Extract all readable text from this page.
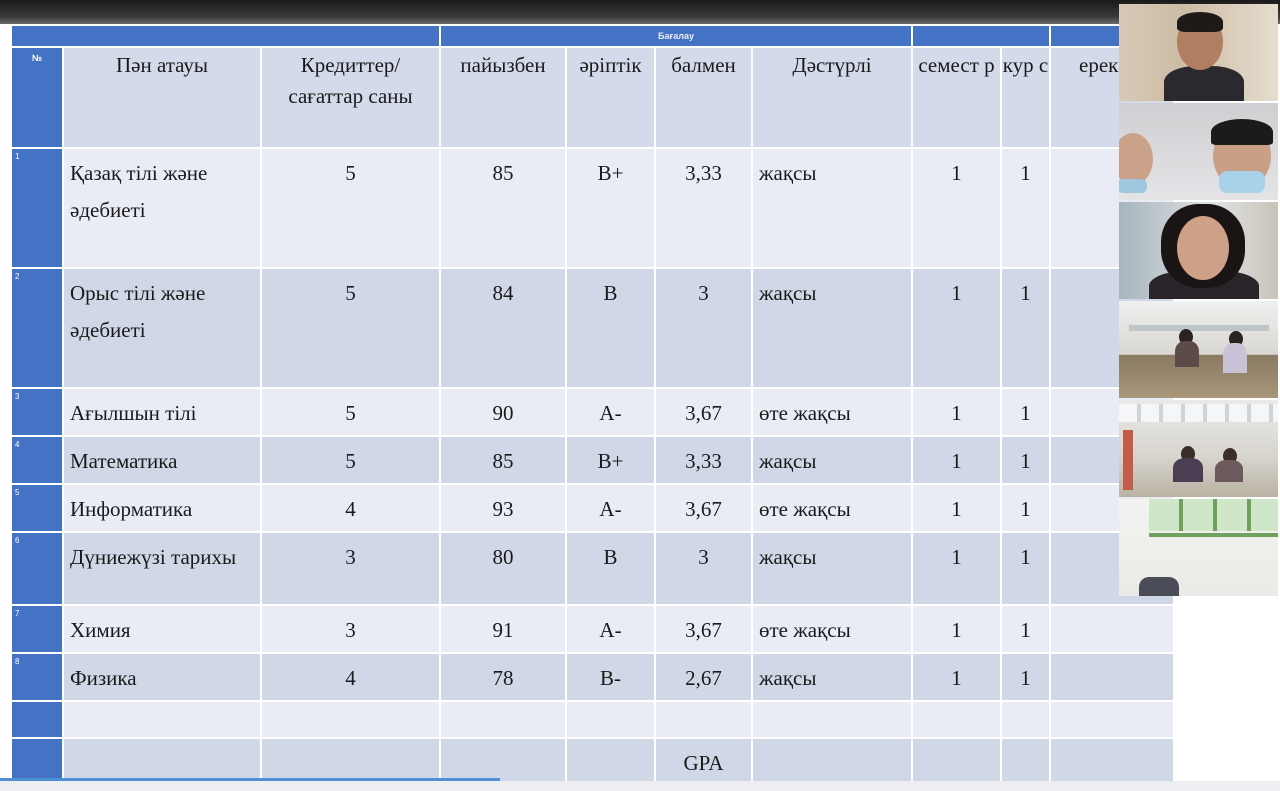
			Бағалау						
№	Пән атауы	Кредиттер/ сағаттар саны	пайызбен	әріптік	балмен	Дәстүрлі	семест р	кур с	ерек
1	Қазақ тілі және әдебиеті	5	85	B+	3,33	жақсы	1	1	
2	Орыс тілі және әдебиеті	5	84	B	3	жақсы	1	1	
3	Ағылшын тілі	5	90	A-	3,67	өте жақсы	1	1	
4	Математика	5	85	B+	3,33	жақсы	1	1	
5	Информатика	4	93	A-	3,67	өте жақсы	1	1	
6	Дүниежүзі тарихы	3	80	B	3	жақсы	1	1	
7	Химия	3	91	A-	3,67	өте жақсы	1	1	
8	Физика	4	78	B-	2,67	жақсы	1	1	

					GPA				
